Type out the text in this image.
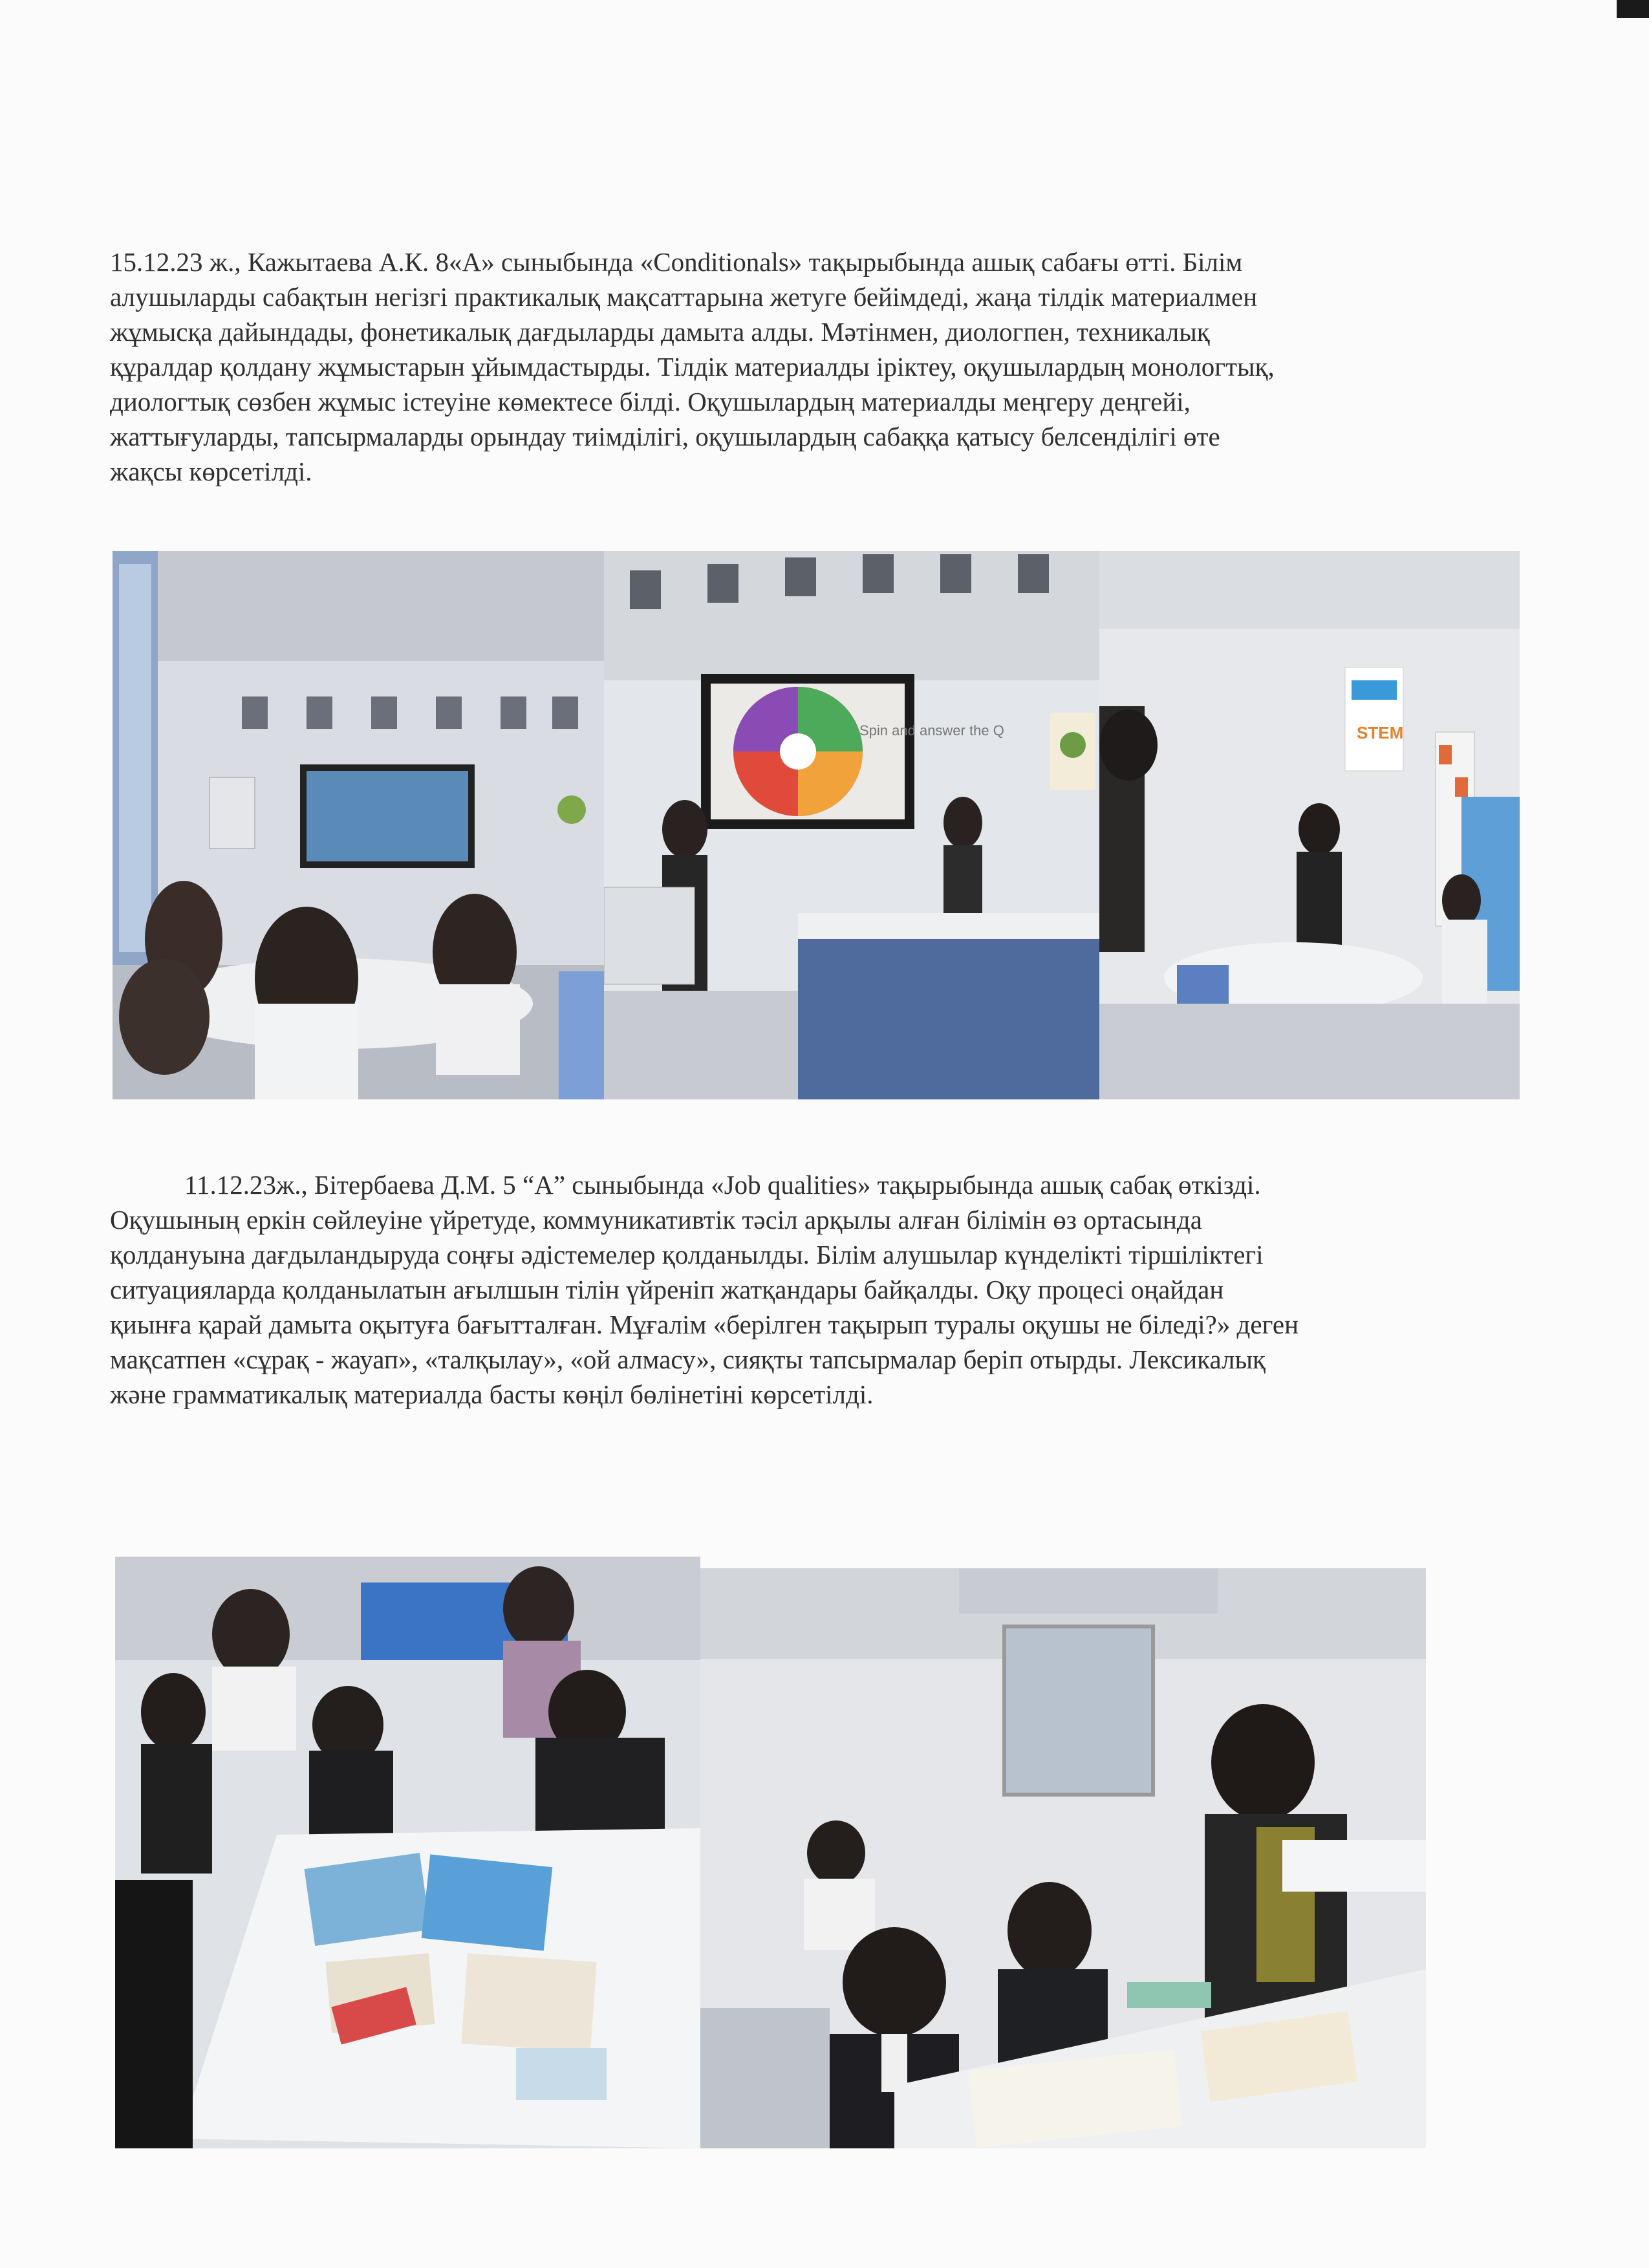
15.12.23 ж., Кажытаева А.К. 8«А» сыныбында «Conditionals» тақырыбында ашық сабағы өтті. Білім
алушыларды сабақтын негізгі практикалық мақсаттарына жетуге бейімдеді, жаңа тілдік материалмен
жұмысқа дайындады, фонетикалық дағдыларды дамыта алды. Мәтінмен, диологпен, техникалық
құралдар қолдану жұмыстарын ұйымдастырды. Тілдік материалды іріктеу, оқушылардың монологтық,
диологтық сөзбен жұмыс істеуіне көмектесе білді. Оқушылардың материалды меңгеру деңгейі,
жаттығуларды, тапсырмаларды орындау тиімділігі, оқушылардың сабаққа қатысу белсенділігі өте
жақсы көрсетілді.
Spin and answer the Q	STEM
11.12.23ж., Бітербаева Д.М. 5 “А” сыныбында «Job qualities» тақырыбында ашық сабақ өткізді.
Оқушының еркін сөйлеуіне үйретуде, коммуникативтік тәсіл арқылы алған білімін өз ортасында
қолдануына дағдыландыруда соңғы әдістемелер қолданылды. Білім алушылар күнделікті тіршіліктегі
ситуацияларда қолданылатын ағылшын тілін үйреніп жатқандары байқалды. Оқу процесі оңайдан
қиынға қарай дамыта оқытуға бағытталған. Мұғалім «берілген тақырып туралы оқушы не біледі?» деген
мақсатпен «сұрақ - жауап», «талқылау», «ой алмасу», сияқты тапсырмалар беріп отырды. Лексикалық
және грамматикалық материалда басты көңіл бөлінетіні көрсетілді.
